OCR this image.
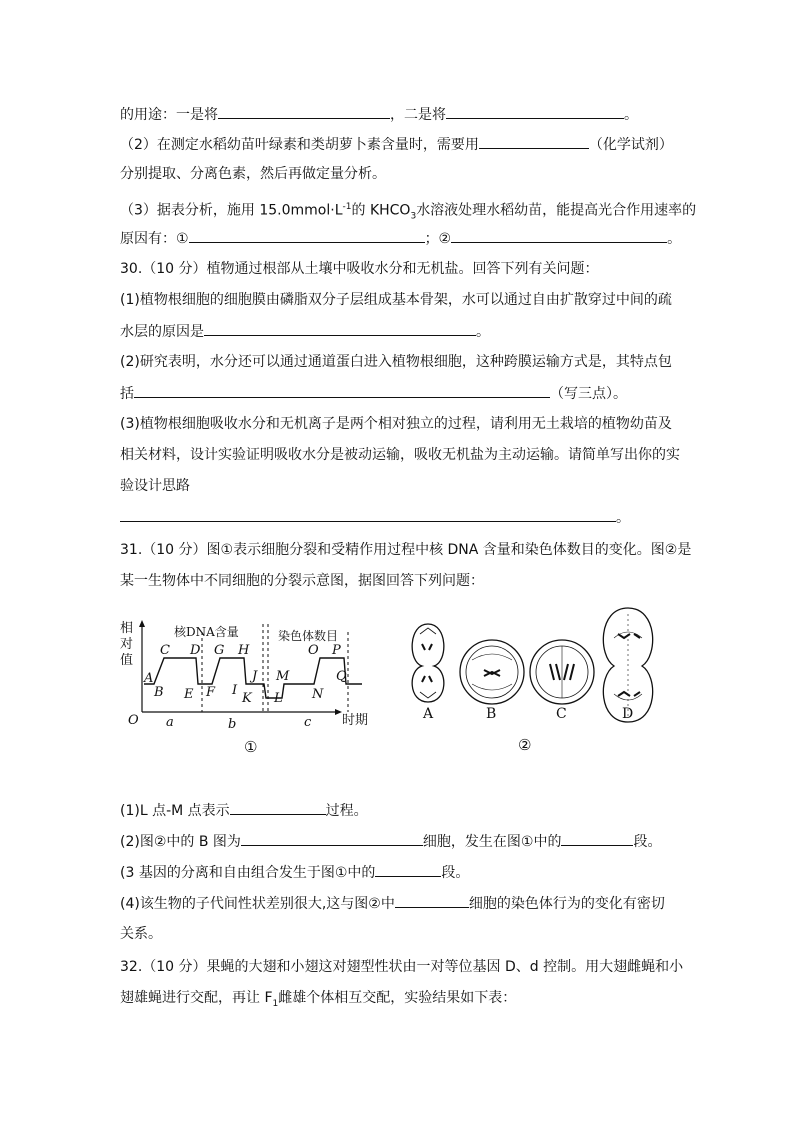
的用途：一是将	，二是将	。
（2）在测定水稻幼苗叶绿素和类胡萝卜素含量时，需要用	（化学试剂）
分别提取、分离色素，然后再做定量分析。
（3）据表分析，施用 $15.0mmol\cdot L^{-1}$的 $KHCO_3$水溶液处理水稻幼苗，能提高光合作用速率的
原因有：①	；②	。
30.（10 分）植物通过根部从土壤中吸收水分和无机盐。回答下列有关问题：
(1)植物根细胞的细胞膜由磷脂双分子层组成基本骨架，水可以通过自由扩散穿过中间的疏
水层的原因是	。
(2)研究表明，水分还可以通过通道蛋白进入植物根细胞，这种跨膜运输方式是，其特点包
括	（写三点）。
(3)植物根细胞吸收水分和无机离子是两个相对独立的过程，请利用无土栽培的植物幼苗及
相关材料，设计实验证明吸收水分是被动运输，吸收无机盐为主动运输。请简单写出你的实
验设计思路
。
31.（10 分）图①表示细胞分裂和受精作用过程中核 DNA 含量和染色体数目的变化。图②是
某一生物体中不同细胞的分裂示意图，据图回答下列问题：
相
对
值
O	时期
核DNA含量	染色体数目
A
B
C D
E F
G H
I
J
K L
M
N
O P
Q
a	b	c
①
A	B	C	D
②
(1)L 点-M 点表示	过程。
(2)图②中的 B 图为	细胞，发生在图①中的	段。
(3 基因的分离和自由组合发生于图①中的	段。
(4)该生物的子代间性状差别很大,这与图②中	细胞的染色体行为的变化有密切
关系。
32.（10 分）果蝇的大翅和小翅这对翅型性状由一对等位基因 D、d 控制。用大翅雌蝇和小
翅雄蝇进行交配，再让 $F_1$雌雄个体相互交配，实验结果如下表：
